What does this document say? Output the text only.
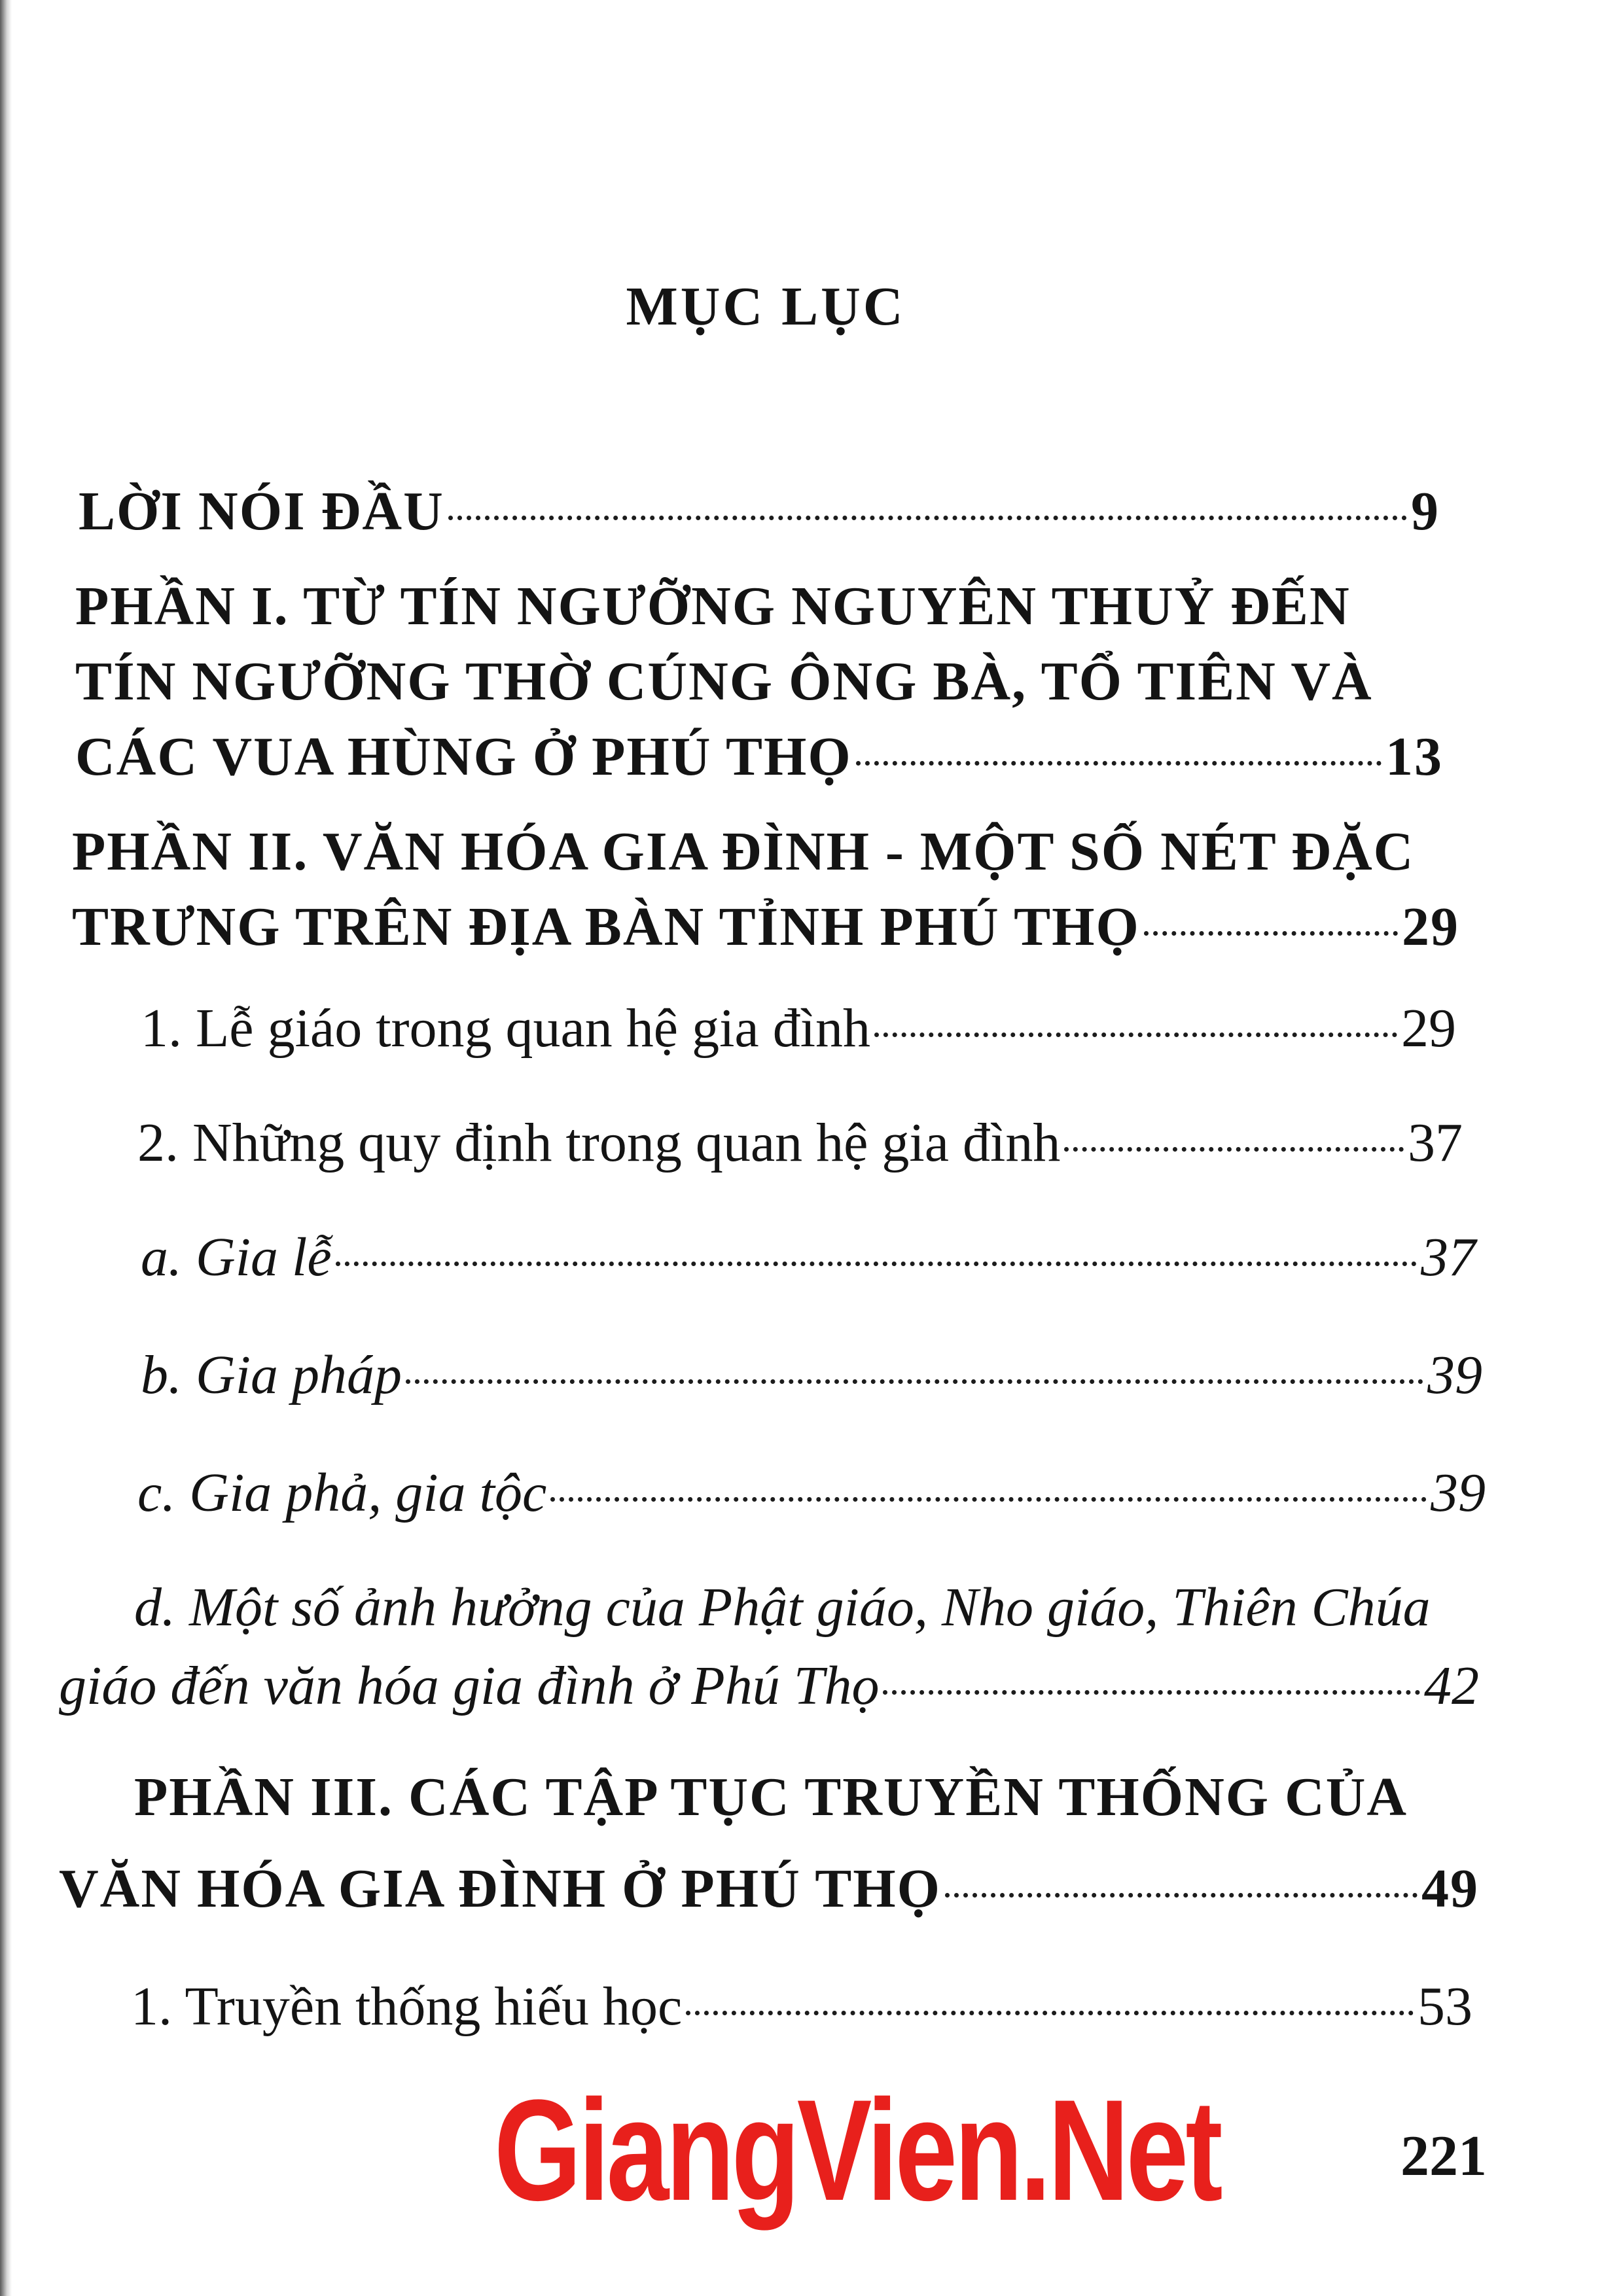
MỤC LỤC
LỜI NÓI ĐẦU	9
PHẦN I. TỪ TÍN NGƯỠNG NGUYÊN THUỶ ĐẾN
TÍN NGƯỠNG THỜ CÚNG ÔNG BÀ, TỔ TIÊN VÀ
CÁC VUA HÙNG Ở PHÚ THỌ	13
PHẦN II. VĂN HÓA GIA ĐÌNH - MỘT SỐ NÉT ĐẶC
TRƯNG TRÊN ĐỊA BÀN TỈNH PHÚ THỌ	29
1. Lễ giáo trong quan hệ gia đình	29
2. Những quy định trong quan hệ gia đình	37
a. Gia lễ	37
b. Gia pháp	39
c. Gia phả, gia tộc	39
d. Một số ảnh hưởng của Phật giáo, Nho giáo, Thiên Chúa
giáo đến văn hóa gia đình ở Phú Thọ	42
PHẦN III. CÁC TẬP TỤC TRUYỀN THỐNG CỦA
VĂN HÓA GIA ĐÌNH Ở PHÚ THỌ	49
1. Truyền thống hiếu học	53
GiangVien.Net	221
